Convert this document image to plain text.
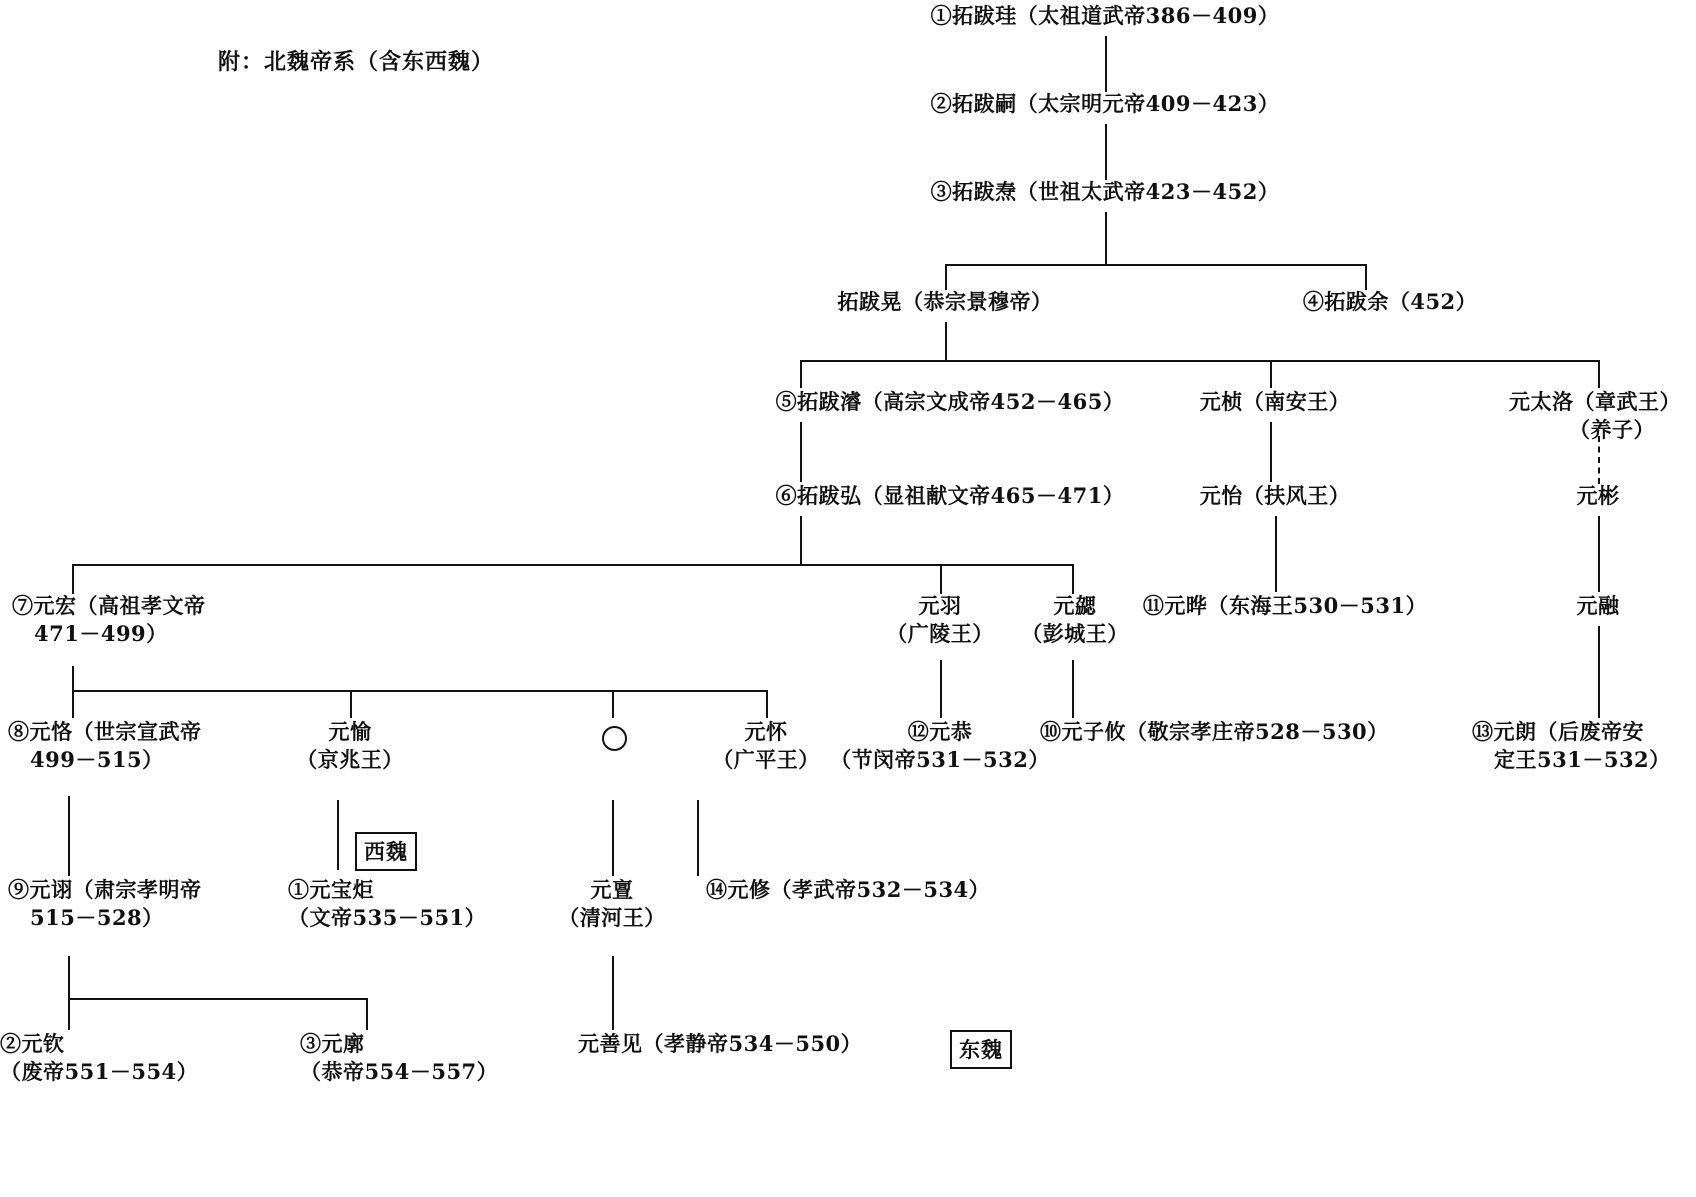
附：北魏帝系（含东西魏）
①拓跋珪（太祖道武帝386－409）
②拓跋嗣（太宗明元帝409－423）
③拓跋焘（世祖太武帝423－452）
拓跋晃（恭宗景穆帝）	④拓跋余（452）
⑤拓跋濬（高宗文成帝452－465）	元桢（南安王）	元太洛（章武王）
（养子）
⑥拓跋弘（显祖献文帝465－471）	元怡（扶风王）	元彬
⑦元宏（高祖孝文帝
471－499）
元羽
（广陵王）
元勰
（彭城王）
⑪元晔（东海王530－531）	元融
⑧元恪（世宗宣武帝
499－515）
元愉
（京兆王）
元怀
（广平王）
⑫元恭
（节闵帝531－532）
⑩元子攸（敬宗孝庄帝528－530）	⑬元朗（后废帝安
定王531－532）
西魏
⑨元诩（肃宗孝明帝
515－528）
①元宝炬
（文帝535－551）
元亶
（清河王）
⑭元修（孝武帝532－534）
②元钦
（废帝551－554）
③元廓
（恭帝554－557）
元善见（孝静帝534－550）	东魏
